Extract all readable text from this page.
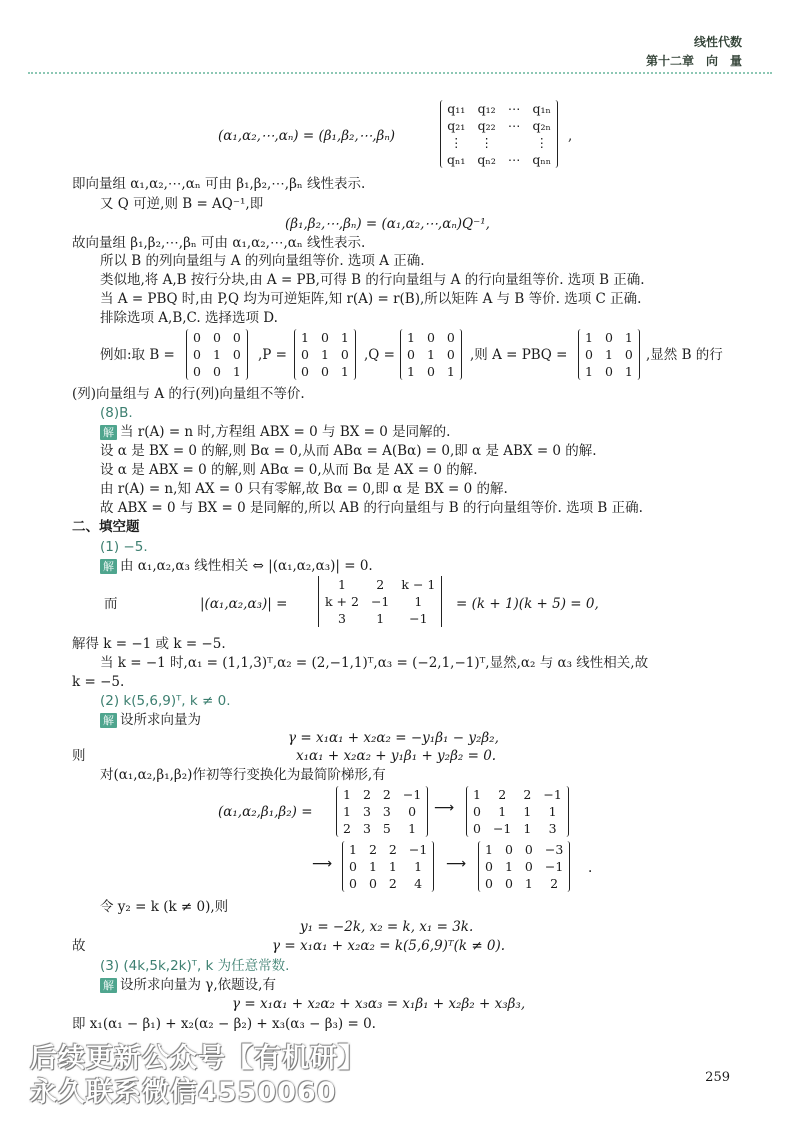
线性代数
第十二章　向　量
(α₁,α₂,⋯,αₙ) = (β₁,β₂,⋯,βₙ)
q₁₁	q₁₂	⋯	q₁ₙ
q₂₁	q₂₂	⋯	q₂ₙ
⋮	⋮		⋮
qₙ₁	qₙ₂	⋯	qₙₙ
,
即向量组 α₁,α₂,⋯,αₙ 可由 β₁,β₂,⋯,βₙ 线性表示.
又 Q 可逆,则 B = AQ⁻¹,即
(β₁,β₂,⋯,βₙ) = (α₁,α₂,⋯,αₙ)Q⁻¹,
故向量组 β₁,β₂,⋯,βₙ 可由 α₁,α₂,⋯,αₙ 线性表示.
所以 B 的列向量组与 A 的列向量组等价. 选项 A 正确.
类似地,将 A,B 按行分块,由 A = PB,可得 B 的行向量组与 A 的行向量组等价. 选项 B 正确.
当 A = PBQ 时,由 P,Q 均为可逆矩阵,知 r(A) = r(B),所以矩阵 A 与 B 等价. 选项 C 正确.
排除选项 A,B,C. 选择选项 D.
例如:取 B =
0	0	0
0	1	0
0	0	1
,P =
1	0	1
0	1	0
0	0	1
,Q =
1	0	0
0	1	0
1	0	1
,则 A = PBQ =
1	0	1
0	1	0
1	0	1
,显然 B 的行
(列)向量组与 A 的行(列)向量组不等价.
(8)B.
解 当 r(A) = n 时,方程组 ABX = 0 与 BX = 0 是同解的.
设 α 是 BX = 0 的解,则 Bα = 0,从而 ABα = A(Bα) = 0,即 α 是 ABX = 0 的解.
设 α 是 ABX = 0 的解,则 ABα = 0,从而 Bα 是 AX = 0 的解.
由 r(A) = n,知 AX = 0 只有零解,故 Bα = 0,即 α 是 BX = 0 的解.
故 ABX = 0 与 BX = 0 是同解的,所以 AB 的行向量组与 B 的行向量组等价. 选项 B 正确.
二、填空题
(1) −5.
解 由 α₁,α₂,α₃ 线性相关 ⇔ |(α₁,α₂,α₃)| = 0.
而	|(α₁,α₂,α₃)| =
1	2	k − 1
k + 2	−1	1
3	1	−1
= (k + 1)(k + 5) = 0,
解得 k = −1 或 k = −5.
当 k = −1 时,α₁ = (1,1,3)ᵀ,α₂ = (2,−1,1)ᵀ,α₃ = (−2,1,−1)ᵀ,显然,α₂ 与 α₃ 线性相关,故
k = −5.
(2) k(5,6,9)ᵀ, k ≠ 0.
解 设所求向量为
γ = x₁α₁ + x₂α₂ = −y₁β₁ − y₂β₂,
则	x₁α₁ + x₂α₂ + y₁β₁ + y₂β₂ = 0.
对(α₁,α₂,β₁,β₂)作初等行变换化为最简阶梯形,有
(α₁,α₂,β₁,β₂) =
1	2	2	−1
1	3	3	0
2	3	5	1
⟶
1	2	2	−1
0	1	1	1
0	−1	1	3
⟶
1	2	2	−1
0	1	1	1
0	0	2	4
⟶
1	0	0	−3
0	1	0	−1
0	0	1	2
.
令 y₂ = k (k ≠ 0),则
y₁ = −2k, x₂ = k, x₁ = 3k.
故	γ = x₁α₁ + x₂α₂ = k(5,6,9)ᵀ(k ≠ 0).
(3) (4k,5k,2k)ᵀ, k 为任意常数.
解 设所求向量为 γ,依题设,有
γ = x₁α₁ + x₂α₂ + x₃α₃ = x₁β₁ + x₂β₂ + x₃β₃,
即 x₁(α₁ − β₁) + x₂(α₂ − β₂) + x₃(α₃ − β₃) = 0.
259
后续更新公众号【有机研】
永久联系微信4550060
